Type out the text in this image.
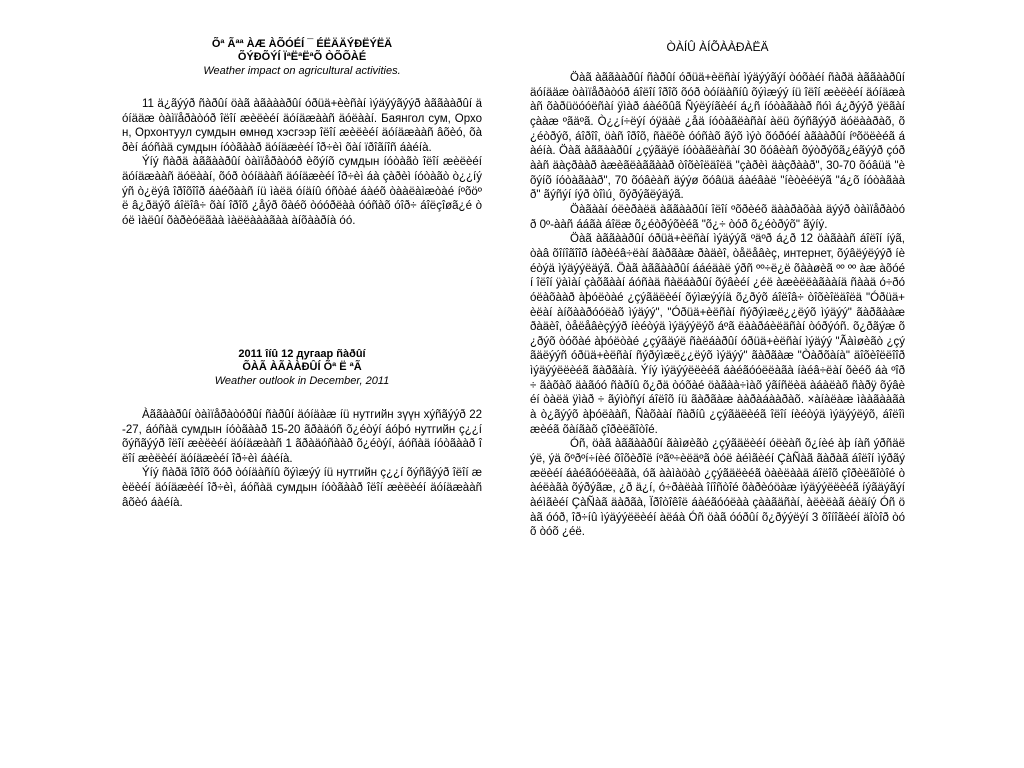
Õª Ãªª ÀÆ ÀÕÓÉÍ ¯ ÉËÄÄÝÐËÝËÄ

ÕÝÐÕÝÍ ÏªËªËªÕ ÒÕÕÀÉ

Weather impact on agricultural activities.

11 ä¿ãýýð ñàðûí öàã àãàààðûí óðüä+èèñàí ìýäýýãýýð àããààðûí äóíääæ òàìïåðàòóð îëîí æèëèéí äóíäæààñ äóëààí. Баянгол сум, Орхон, Орхонтуул сумдын өмнөд хэсгээр îëîí æèëèéí äóíäæààñ âõèó, õàðèí áóñàä сумдын íóòãààð äóíäæèéí îð÷èì õàí ïðîãíîñ áàéíà.

Ýíý ñàðä àããààðûí òàìïåðàòóð èõýíõ сумдын íóòàãò îëîí æèëèéí äóíäæààñ äóëààí, õóð òóíäààñ äóíäæèéí îð÷èì áà çàðèì íóòàãò ò¿¿íýýñ ò¿ëýâ îðîõîîð áàéõààñ íü ìàëä óíäíû óñòàé áàéõ òààëàìæòàé íºõöºë â¿ðäýõ áîëîâ÷ õàí îðîõ ¿åýð õàéõ òóóðëàà óóñàõ óîð÷ áîëçîøã¿é òóë ìàëûí õàðèóëãàà ìàëëàààãàà àíõààðíà óó.

2011 îíû 12 дугаар ñàðûí

ÕÀÃ ÀÃÀÀÐÛÍ Õª Ë ªÃ

Weather outlook in December, 2011

Àããààðûí òàìïåðàòóðûí ñàðûí äóíäàæ íü нутгийн зүүн хýñãýýð 22-27, áóñàä сумдын íóòãààð 15-20 ãðàäóñ õ¿éòýí áóþó нутгийн ç¿¿í õýñãýýð îëîí æèëèéí äóíäæààñ 1 ãðàäóñààð õ¿éòýí, áóñàä íóòãààð îëîí æèëèéí äóíäæèéí îð÷èì áàéíà.

Ýíý ñàðä îðîõ õóð òóíäàñíû õýìæýý íü нутгийн ç¿¿í õýñãýýð îëîí æèëèéí äóíäæèéí îð÷èì, áóñàä сумдын íóòãààð îëîí æèëèéí äóíäæààñ âõèó áàéíà.

ÒÀÍÛ ÀÍÕÀÀÐÀËÄ

Öàã àããààðûí ñàðûí óðüä+èëñàí ìýäýýãýí òóõàéí ñàðä àããààðûí äóíääæ òàìïåðàòóð áîëîí îðîõ õóð òóíäàñíû õýìæýý íü îëîí æèëèéí äóíäæààñ õàðüöóóëñàí ÿìàð áàéõûã Ñýëýíãèéí á¿ñ íóòàãààð ñóì á¿ðýýð ÿëãàí çààæ ºãäºã. Ò¿¿í÷ëýí óÿäàë ¿åä íóòàãëàñàí àëü õýñãýýð äóëààðàõ, õ¿éòðýõ, áîðîî, öàñ îðîõ, ñàëõè óóñàõ ãýõ ìýò õóðóéí àãààðûí íºõöëèéã áàéíà. Öàã àããààðûí ¿çýãäýë íóòàãëàñàí 30 õóâèàñ õýòðýõã¿éãýýð çóðààñ äàçðààð àæèãëàããààð òîõèîëäîëä "çàðèì äàçðààð", 30-70 õóâüä "èõýíõ íóòàãààð", 70 õóâèàñ äýýø õóâüä áàéâàë "íèòèéëýã "á¿õ íóòàãààð" ãýñýí íýð òîìú¸ õýðýãëýäýã.

Öàãààí óëèðàëä àããààðûí îëîí ºõðèéõ äààðàõàà äýýð òàìïåðàòóð 0º-ààñ ááãà áîëæ õ¿éòðýõèéã "õ¿÷ òóð õ¿éòðýõ" ãýíý.

Öàã àããààðûí óðüä+èëñàí ìýäýýã ºäºð á¿ð 12 öàãààñ áîëîí íýã, òàâ õîíîãîîð íàðèéâ÷ëàí ãàðãàæ ðàäèî, òåëåâèç, интернет, õýâëýëýýð íèéòýä ìýäýýëäýã. Öàã àããààðûí ááéäàë ýðñ ºº÷ë¿ë õààøèã ºº ºº àæ àõóéí îëîí ÿàìàí çàõãààí áóñàä ñàëáàðûí õýâèéí ¿éë àæèëëàãààíä ñààä ó÷ðóóëàõààð àþóëòàé ¿çýãäëèéí õýìæýýíä õ¿ðýõ áîëîâ÷ òîõèîëäîëä "Óðüä+èëàí àíõààðóóëàõ ìýäýý", "Óðüä+èëñàí ñýðýìæë¿¿ëýõ ìýäýý" ãàðãààæ ðàäèî, òåëåâèçýýð íèéòýä ìýäýýëýõ áºã ëààðáèëäñàí òóðýóñ. õ¿ðãýæ õ¿ðýõ òóõàé àþóëòàé ¿çýãäýë ñàëáàðûí óðüä+èëñàí ìýäýý "Ãàìøèãò ¿çýãäëýýñ óðüä+èëñàí ñýðýìæë¿¿ëýõ ìýäýý" ãàðãàæ "Òàðõàíà" äîõèîëëîîð ìýäýýëëèéã ãàðãàíà. Ýíý ìýäýýëëèéã áàéãóóëëàãà íàéâ÷ëàí õèéõ áà ºîð÷ ãàõàõ äàãóó ñàðíû õ¿ðä òóõàé öàãàà÷ìàõ ýãíñëèä àáàëàõ ñàðÿ õýâèéí òàëä ÿìàð ÷ ãýìòñýí áîëîõ íü ãàðãàæ ààðàáààðàõ. ×àíàëàæ ìààãààãàà ò¿ãýýõ àþóëààñ, Ñàõààí ñàðíû ¿çýãäëèéã îëîí íèéòýä ìýäýýëýõ, áîëîìæèéã õàíãàõ çîðèëãîòîé.

Óñ, öàã àããààðûí ãàìøèãò ¿çýãäëèéí óëèàñ õ¿íèé àþ íàñ ýðñäëýë, ýä õºðºí÷íèé õîõèðîë íºãº÷èëäºã òóë àéìãèéí ÇàÑàã ãàðàã áîëîí ìýðãýæëèéí áàéãóóëëàãà, óã ààìàöàò ¿çýãäëèéã òàèëààä áîëîõ çîðèëãîòîé òàéëàãà õýðýãæ, ¿ð ä¿í, ó÷ðàëàà îíîñòîé õàðèóöàæ ìýäýýëëèéã íýãäýãýí àéìãèéí ÇàÑàã äàðãà, Ïðîòîêîë áàéãóóëàà çààãäñàí, àëèëàã áèäíý Óñ öàã óóð, îð÷íû ìýäýýëëèéí àëáà Óñ öàã óóðûí õ¿ðýýëýí 3 õîíîãèéí äîòîð òóõ òóõ ¿éë.
